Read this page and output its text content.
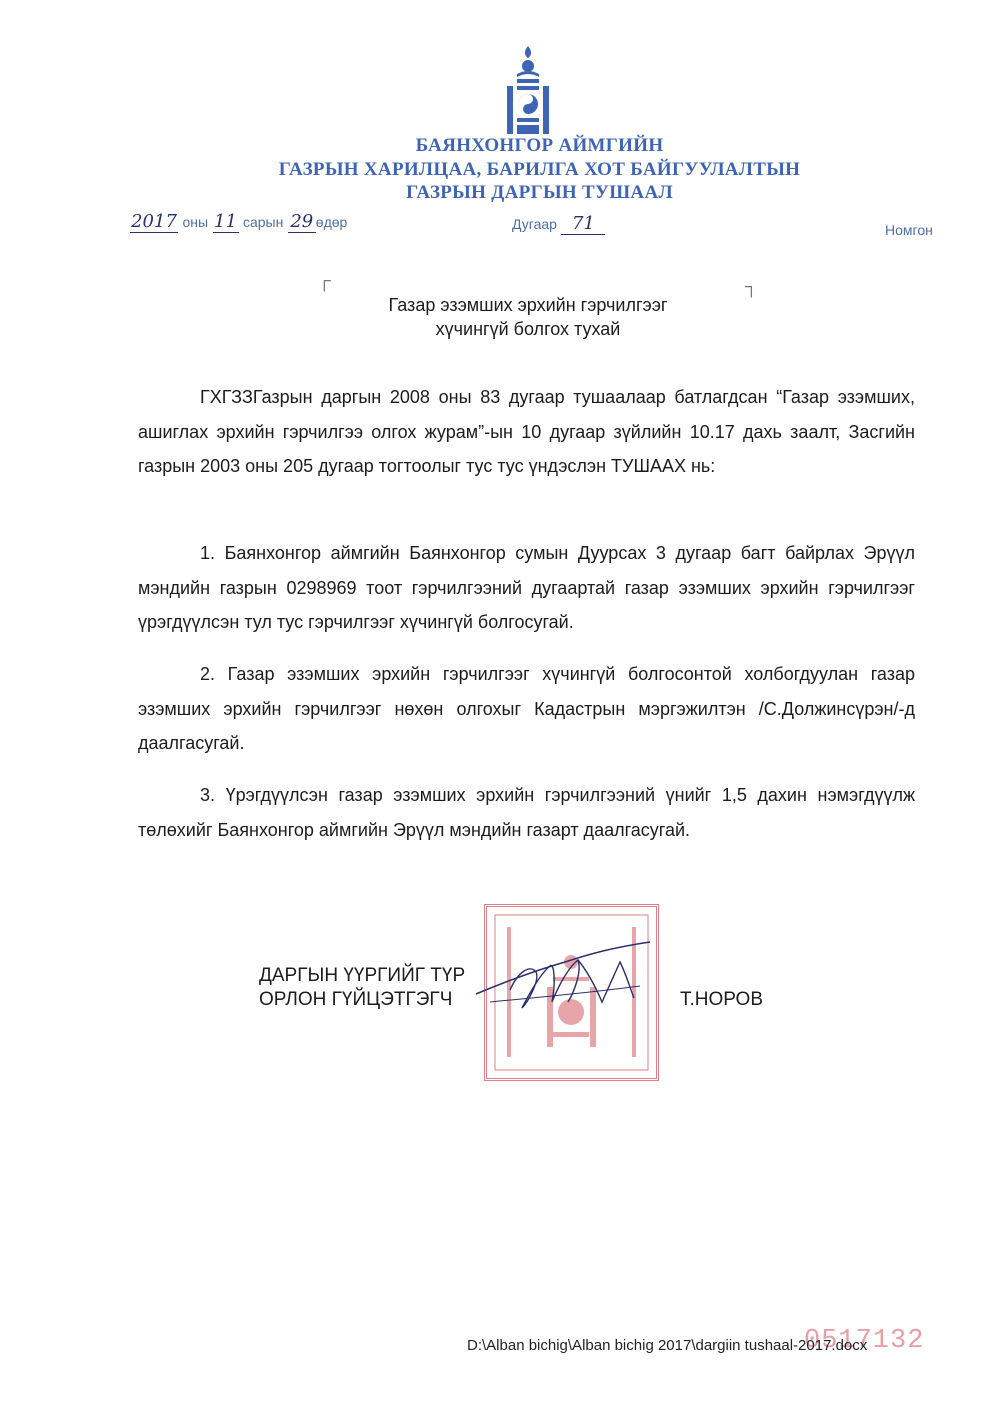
БАЯНХОНГОР АЙМГИЙН
ГАЗРЫН ХАРИЛЦАА, БАРИЛГА ХОТ БАЙГУУЛАЛТЫН
ГАЗРЫН ДАРГЫН ТУШААЛ
2017 оны 11 сарын 29 өдөр	Дугаар 71	Номгон
┌	┐
Газар эзэмших эрхийн гэрчилгээг
хүчингүй болгох тухай
ГХГЗЗГазрын даргын 2008 оны 83 дугаар тушаалаар батлагдсан “Газар эзэмших, ашиглах эрхийн гэрчилгээ олгох журам”-ын 10 дугаар зүйлийн 10.17 дахь заалт, Засгийн газрын 2003 оны 205 дугаар тогтоолыг тус тус үндэслэн ТУШААХ нь:
1. Баянхонгор аймгийн Баянхонгор сумын Дуурсах 3 дугаар багт байрлах Эрүүл мэндийн газрын 0298969 тоот гэрчилгээний дугаартай газар эзэмших эрхийн гэрчилгээг үрэгдүүлсэн тул тус гэрчилгээг хүчингүй болгосугай.
2. Газар эзэмших эрхийн гэрчилгээг хүчингүй болгосонтой холбогдуулан газар эзэмших эрхийн гэрчилгээг нөхөн олгохыг Кадастрын мэргэжилтэн /С.Должинсүрэн/-д даалгасугай.
3. Үрэгдүүлсэн газар эзэмших эрхийн гэрчилгээний үнийг 1,5 дахин нэмэгдүүлж төлөхийг Баянхонгор аймгийн Эрүүл мэндийн газарт даалгасугай.
ДАРГЫН ҮҮРГИЙГ ТҮР
ОРЛОН ГҮЙЦЭТГЭГЧ	Т.НОРОВ
0517132
D:\Alban bichig\Alban bichig 2017\dargiin tushaal-2017.docx
